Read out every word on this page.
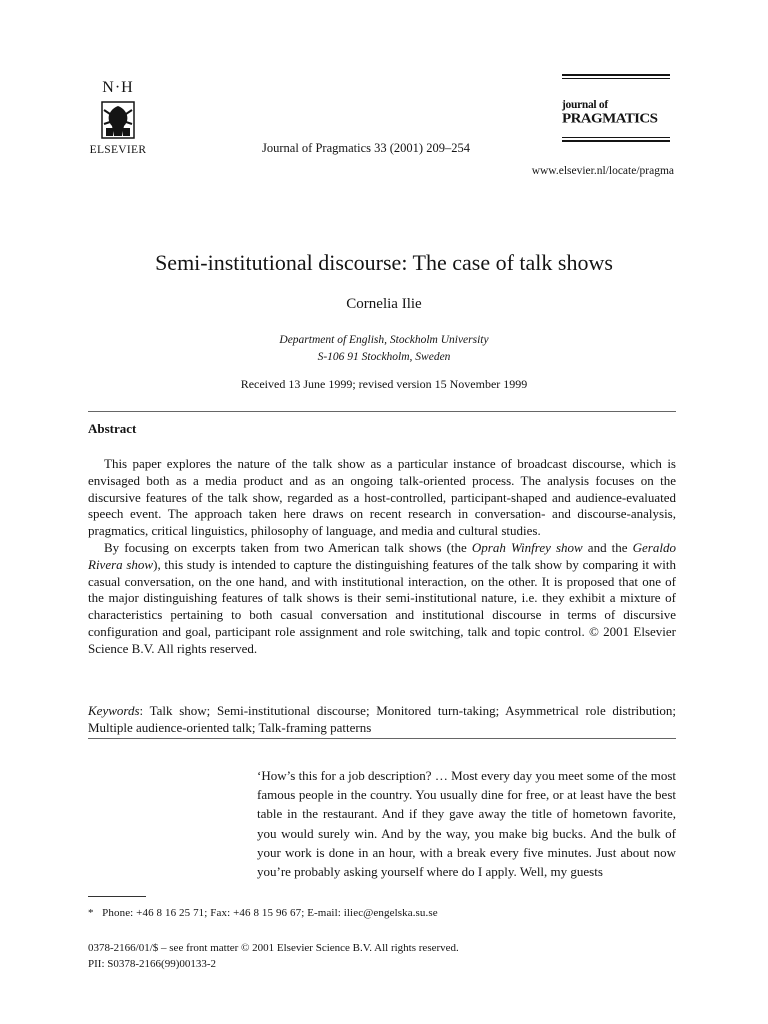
N·H
ELSEVIER	Journal of Pragmatics 33 (2001) 209–254
journal of
PRAGMATICS
www.elsevier.nl/locate/pragma
Semi-institutional discourse: The case of talk shows
Cornelia Ilie
Department of English, Stockholm University
S-106 91 Stockholm, Sweden
Received 13 June 1999; revised version 15 November 1999
Abstract

This paper explores the nature of the talk show as a particular instance of broadcast discourse, which is envisaged both as a media product and as an ongoing talk-oriented process. The analysis focuses on the discursive features of the talk show, regarded as a host-controlled, participant-shaped and audience-evaluated speech event. The approach taken here draws on recent research in conversation- and discourse-analysis, pragmatics, critical linguistics, philosophy of language, and media and cultural studies.

By focusing on excerpts taken from two American talk shows (the Oprah Winfrey show and the Geraldo Rivera show), this study is intended to capture the distinguishing features of the talk show by comparing it with casual conversation, on the one hand, and with institutional interaction, on the other. It is proposed that one of the major distinguishing features of talk shows is their semi-institutional nature, i.e. they exhibit a mixture of characteristics pertaining to both casual conversation and institutional discourse in terms of discursive configuration and goal, participant role assignment and role switching, talk and topic control. © 2001 Elsevier Science B.V. All rights reserved.

Keywords: Talk show; Semi-institutional discourse; Monitored turn-taking; Asymmetrical role distribution; Multiple audience-oriented talk; Talk-framing patterns
‘How’s this for a job description? … Most every day you meet some of the most famous people in the country. You usually dine for free, or at least have the best table in the restaurant. And if they gave away the title of hometown favorite, you would surely win. And by the way, you make big bucks. And the bulk of your work is done in an hour, with a break every five minutes. Just about now you’re probably asking yourself where do I apply. Well, my guests
* Phone: +46 8 16 25 71; Fax: +46 8 15 96 67; E-mail: iliec@engelska.su.se
0378-2166/01/$ – see front matter © 2001 Elsevier Science B.V. All rights reserved.
PII: S0378-2166(99)00133-2
